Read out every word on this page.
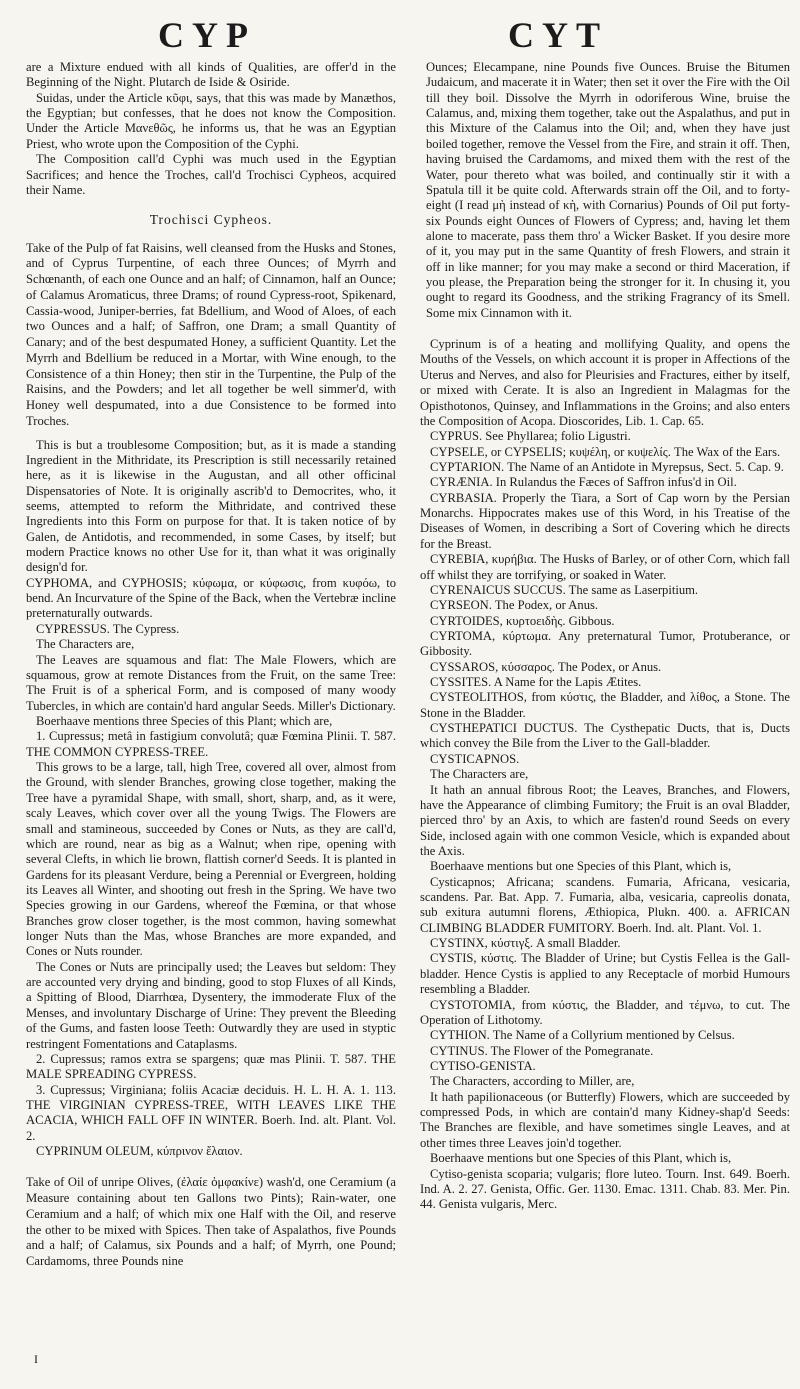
CYP	CYT

are a Mixture endued with all kinds of Qualities, are offer'd in the Beginning of the Night. Plutarch de Iside & Osiride.

Suidas, under the Article κῦφι, says, that this was made by Manæthos, the Egyptian; but confesses, that he does not know the Composition. Under the Article Μανεθῶς, he informs us, that he was an Egyptian Priest, who wrote upon the Composition of the Cyphi.

The Composition call'd Cyphi was much used in the Egyptian Sacrifices; and hence the Troches, call'd Trochisci Cypheos, acquired their Name.

Trochisci Cypheos.

Take of the Pulp of fat Raisins, well cleansed from the Husks and Stones, and of Cyprus Turpentine, of each three Ounces; of Myrrh and Schœnanth, of each one Ounce and an half; of Cinnamon, half an Ounce; of Calamus Aromaticus, three Drams; of round Cypress-root, Spikenard, Cassia-wood, Juniper-berries, fat Bdellium, and Wood of Aloes, of each two Ounces and a half; of Saffron, one Dram; a small Quantity of Canary; and of the best despumated Honey, a sufficient Quantity. Let the Myrrh and Bdellium be reduced in a Mortar, with Wine enough, to the Consistence of a thin Honey; then stir in the Turpentine, the Pulp of the Raisins, and the Powders; and let all together be well simmer'd, with Honey well despumated, into a due Consistence to be formed into Troches.

This is but a troublesome Composition; but, as it is made a standing Ingredient in the Mithridate, its Prescription is still necessarily retained here, as it is likewise in the Augustan, and all other officinal Dispensatories of Note. It is originally ascrib'd to Democrites, who, it seems, attempted to reform the Mithridate, and contrived these Ingredients into this Form on purpose for that. It is taken notice of by Galen, de Antidotis, and recommended, in some Cases, by itself; but modern Practice knows no other Use for it, than what it was originally design'd for.

CYPHOMA, and CYPHOSIS; κύφωμα, or κύφωσις, from κυφόω, to bend. An Incurvature of the Spine of the Back, when the Vertebræ incline preternaturally outwards.

CYPRESSUS. The Cypress.

The Characters are,

The Leaves are squamous and flat: The Male Flowers, which are squamous, grow at remote Distances from the Fruit, on the same Tree: The Fruit is of a spherical Form, and is composed of many woody Tubercles, in which are contain'd hard angular Seeds. Miller's Dictionary.

Boerhaave mentions three Species of this Plant; which are,

1. Cupressus; metâ in fastigium convolutâ; quæ Fœmina Plinii. T. 587. THE COMMON CYPRESS-TREE.

This grows to be a large, tall, high Tree, covered all over, almost from the Ground, with slender Branches, growing close together, making the Tree have a pyramidal Shape, with small, short, sharp, and, as it were, scaly Leaves, which cover over all the young Twigs. The Flowers are small and stamineous, succeeded by Cones or Nuts, as they are call'd, which are round, near as big as a Walnut; when ripe, opening with several Clefts, in which lie brown, flattish corner'd Seeds. It is planted in Gardens for its pleasant Verdure, being a Perennial or Evergreen, holding its Leaves all Winter, and shooting out fresh in the Spring. We have two Species growing in our Gardens, whereof the Fœmina, or that whose Branches grow closer together, is the most common, having somewhat longer Nuts than the Mas, whose Branches are more expanded, and Cones or Nuts rounder.

The Cones or Nuts are principally used; the Leaves but seldom: They are accounted very drying and binding, good to stop Fluxes of all Kinds, a Spitting of Blood, Diarrhœa, Dysentery, the immoderate Flux of the Menses, and involuntary Discharge of Urine: They prevent the Bleeding of the Gums, and fasten loose Teeth: Outwardly they are used in styptic restringent Fomentations and Cataplasms.

2. Cupressus; ramos extra se spargens; quæ mas Plinii. T. 587. THE MALE SPREADING CYPRESS.

3. Cupressus; Virginiana; foliis Acaciæ deciduis. H. L. H. A. 1. 113. THE VIRGINIAN CYPRESS-TREE, WITH LEAVES LIKE THE ACACIA, WHICH FALL OFF IN WINTER. Boerh. Ind. alt. Plant. Vol. 2.

CYPRINUM OLEUM, κύπρινον ἔλαιον.

Take of Oil of unripe Olives, (ἐλαίε ὀμφακίνε) wash'd, one Ceramium (a Measure containing about ten Gallons two Pints); Rain-water, one Ceramium and a half; of which mix one Half with the Oil, and reserve the other to be mixed with Spices. Then take of Aspalathos, five Pounds and a half; of Calamus, six Pounds and a half; of Myrrh, one Pound; Cardamoms, three Pounds nine

Ounces; Elecampane, nine Pounds five Ounces. Bruise the Bitumen Judaicum, and macerate it in Water; then set it over the Fire with the Oil till they boil. Dissolve the Myrrh in odoriferous Wine, bruise the Calamus, and, mixing them together, take out the Aspalathus, and put in this Mixture of the Calamus into the Oil; and, when they have just boiled together, remove the Vessel from the Fire, and strain it off. Then, having bruised the Cardamoms, and mixed them with the rest of the Water, pour thereto what was boiled, and continually stir it with a Spatula till it be quite cold. Afterwards strain off the Oil, and to forty-eight (I read μὴ instead of κὴ, with Cornarius) Pounds of Oil put forty-six Pounds eight Ounces of Flowers of Cypress; and, having let them alone to macerate, pass them thro' a Wicker Basket. If you desire more of it, you may put in the same Quantity of fresh Flowers, and strain it off in like manner; for you may make a second or third Maceration, if you please, the Preparation being the stronger for it. In chusing it, you ought to regard its Goodness, and the striking Fragrancy of its Smell. Some mix Cinnamon with it.

Cyprinum is of a heating and mollifying Quality, and opens the Mouths of the Vessels, on which account it is proper in Affections of the Uterus and Nerves, and also for Pleurisies and Fractures, either by itself, or mixed with Cerate. It is also an Ingredient in Malagmas for the Opisthotonos, Quinsey, and Inflammations in the Groins; and also enters the Composition of Acopa. Dioscorides, Lib. 1. Cap. 65.

CYPRUS. See Phyllarea; folio Ligustri.

CYPSELE, or CYPSELIS; κυψέλη, or κυψελίς. The Wax of the Ears.

CYPTARION. The Name of an Antidote in Myrepsus, Sect. 5. Cap. 9.

CYRÆNIA. In Rulandus the Fæces of Saffron infus'd in Oil.

CYRBASIA. Properly the Tiara, a Sort of Cap worn by the Persian Monarchs. Hippocrates makes use of this Word, in his Treatise of the Diseases of Women, in describing a Sort of Covering which he directs for the Breast.

CYREBIA, κυρήβια. The Husks of Barley, or of other Corn, which fall off whilst they are torrifying, or soaked in Water.

CYRENAICUS SUCCUS. The same as Laserpitium.

CYRSEON. The Podex, or Anus.

CYRTOIDES, κυρτοειδὴς. Gibbous.

CYRTOMA, κύρτωμα. Any preternatural Tumor, Protuberance, or Gibbosity.

CYSSAROS, κύσσαρος. The Podex, or Anus.

CYSSITES. A Name for the Lapis Ætites.

CYSTEOLITHOS, from κύστις, the Bladder, and λίθος, a Stone. The Stone in the Bladder.

CYSTHEPATICI DUCTUS. The Cysthepatic Ducts, that is, Ducts which convey the Bile from the Liver to the Gall-bladder.

CYSTICAPNOS.

The Characters are,

It hath an annual fibrous Root; the Leaves, Branches, and Flowers, have the Appearance of climbing Fumitory; the Fruit is an oval Bladder, pierced thro' by an Axis, to which are fasten'd round Seeds on every Side, inclosed again with one common Vesicle, which is expanded about the Axis.

Boerhaave mentions but one Species of this Plant, which is,

Cysticapnos; Africana; scandens. Fumaria, Africana, vesicaria, scandens. Par. Bat. App. 7. Fumaria, alba, vesicaria, capreolis donata, sub exitura autumni florens, Æthiopica, Plukn. 400. a. AFRICAN CLIMBING BLADDER FUMITORY. Boerh. Ind. alt. Plant. Vol. 1.

CYSTINX, κύστιγξ. A small Bladder.

CYSTIS, κύστις. The Bladder of Urine; but Cystis Fellea is the Gall-bladder. Hence Cystis is applied to any Receptacle of morbid Humours resembling a Bladder.

CYSTOTOMIA, from κύστις, the Bladder, and τέμνω, to cut. The Operation of Lithotomy.

CYTHION. The Name of a Collyrium mentioned by Celsus.

CYTINUS. The Flower of the Pomegranate.

CYTISO-GENISTA.

The Characters, according to Miller, are,

It hath papilionaceous (or Butterfly) Flowers, which are succeeded by compressed Pods, in which are contain'd many Kidney-shap'd Seeds: The Branches are flexible, and have sometimes single Leaves, and at other times three Leaves join'd together.

Boerhaave mentions but one Species of this Plant, which is,

Cytiso-genista scoparia; vulgaris; flore luteo. Tourn. Inst. 649. Boerh. Ind. A. 2. 27. Genista, Offic. Ger. 1130. Emac. 1311. Chab. 83. Mer. Pin. 44. Genista vulgaris, Merc.

I
